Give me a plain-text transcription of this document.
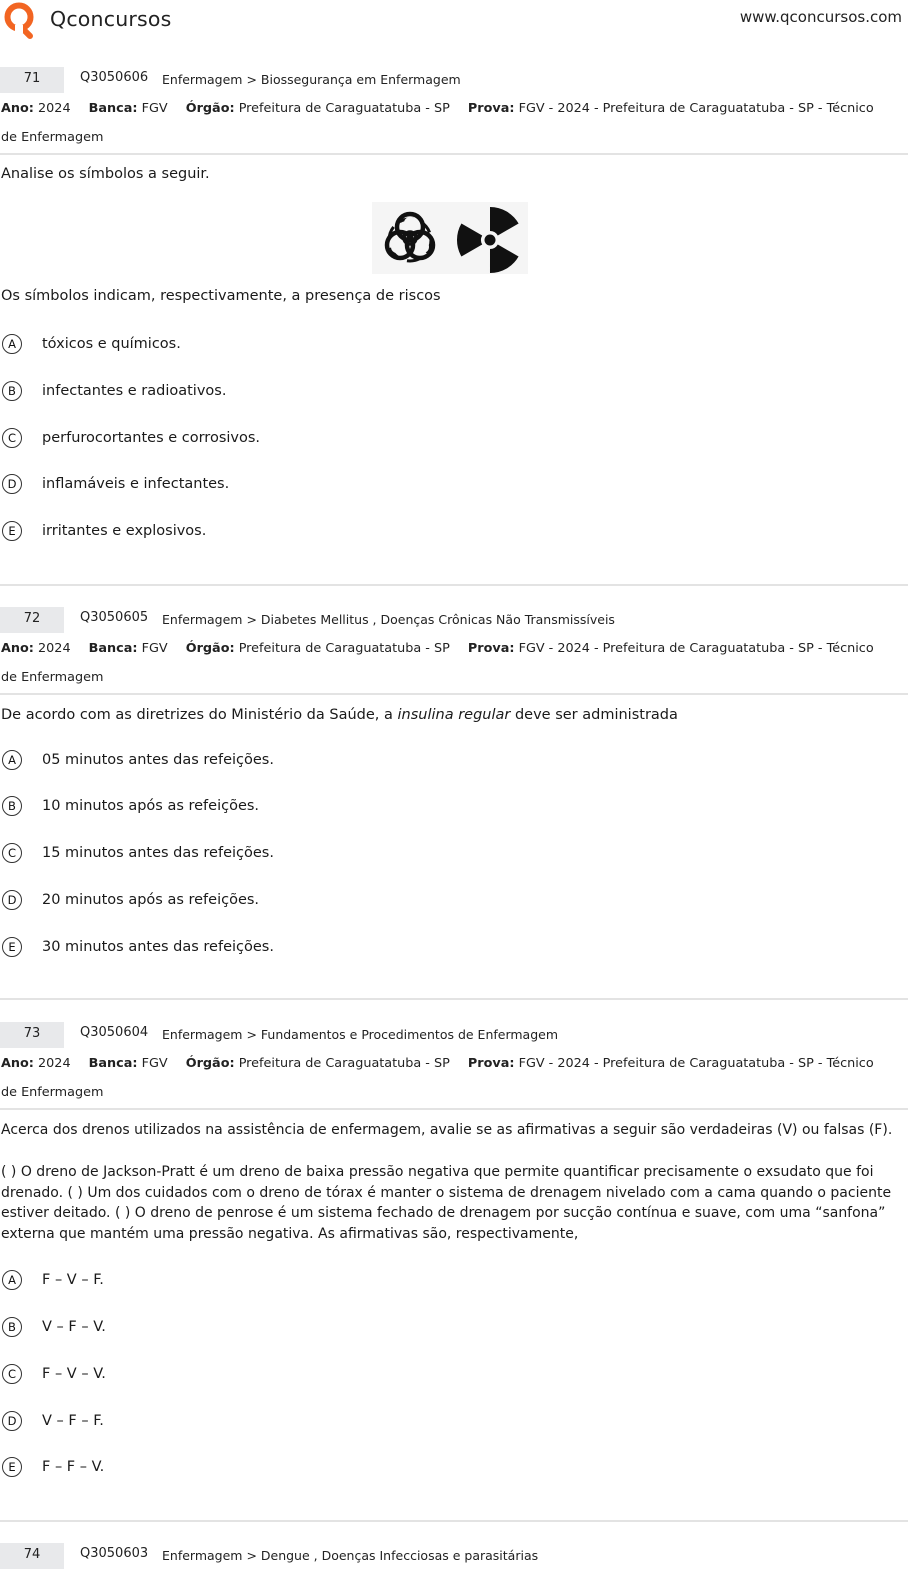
Qconcursos	www.qconcursos.com
71	Q3050606 Enfermagem > Biossegurança em Enfermagem
Ano: 2024 Banca: FGV Órgão: Prefeitura de Caraguatatuba - SP Prova: FGV - 2024 - Prefeitura de Caraguatatuba - SP - Técnico de Enfermagem
Analise os símbolos a seguir.
Os símbolos indicam, respectivamente, a presença de riscos
A	tóxicos e químicos.
B	infectantes e radioativos.
C	perfurocortantes e corrosivos.
D	inflamáveis e infectantes.
E	irritantes e explosivos.
72	Q3050605 Enfermagem > Diabetes Mellitus , Doenças Crônicas Não Transmissíveis
Ano: 2024 Banca: FGV Órgão: Prefeitura de Caraguatatuba - SP Prova: FGV - 2024 - Prefeitura de Caraguatatuba - SP - Técnico de Enfermagem
De acordo com as diretrizes do Ministério da Saúde, a insulina regular deve ser administrada
A	05 minutos antes das refeições.
B	10 minutos após as refeições.
C	15 minutos antes das refeições.
D	20 minutos após as refeições.
E	30 minutos antes das refeições.
73	Q3050604 Enfermagem > Fundamentos e Procedimentos de Enfermagem
Ano: 2024 Banca: FGV Órgão: Prefeitura de Caraguatatuba - SP Prova: FGV - 2024 - Prefeitura de Caraguatatuba - SP - Técnico de Enfermagem
Acerca dos drenos utilizados na assistência de enfermagem, avalie se as afirmativas a seguir são verdadeiras (V) ou falsas (F).
( ) O dreno de Jackson-Pratt é um dreno de baixa pressão negativa que permite quantificar precisamente o exsudato que foi drenado. ( ) Um dos cuidados com o dreno de tórax é manter o sistema de drenagem nivelado com a cama quando o paciente estiver deitado. ( ) O dreno de penrose é um sistema fechado de drenagem por sucção contínua e suave, com uma “sanfona” externa que mantém uma pressão negativa. As afirmativas são, respectivamente,
A	F – V – F.
B	V – F – V.
C	F – V – V.
D	V – F – F.
E	F – F – V.
74	Q3050603 Enfermagem > Dengue , Doenças Infecciosas e parasitárias
